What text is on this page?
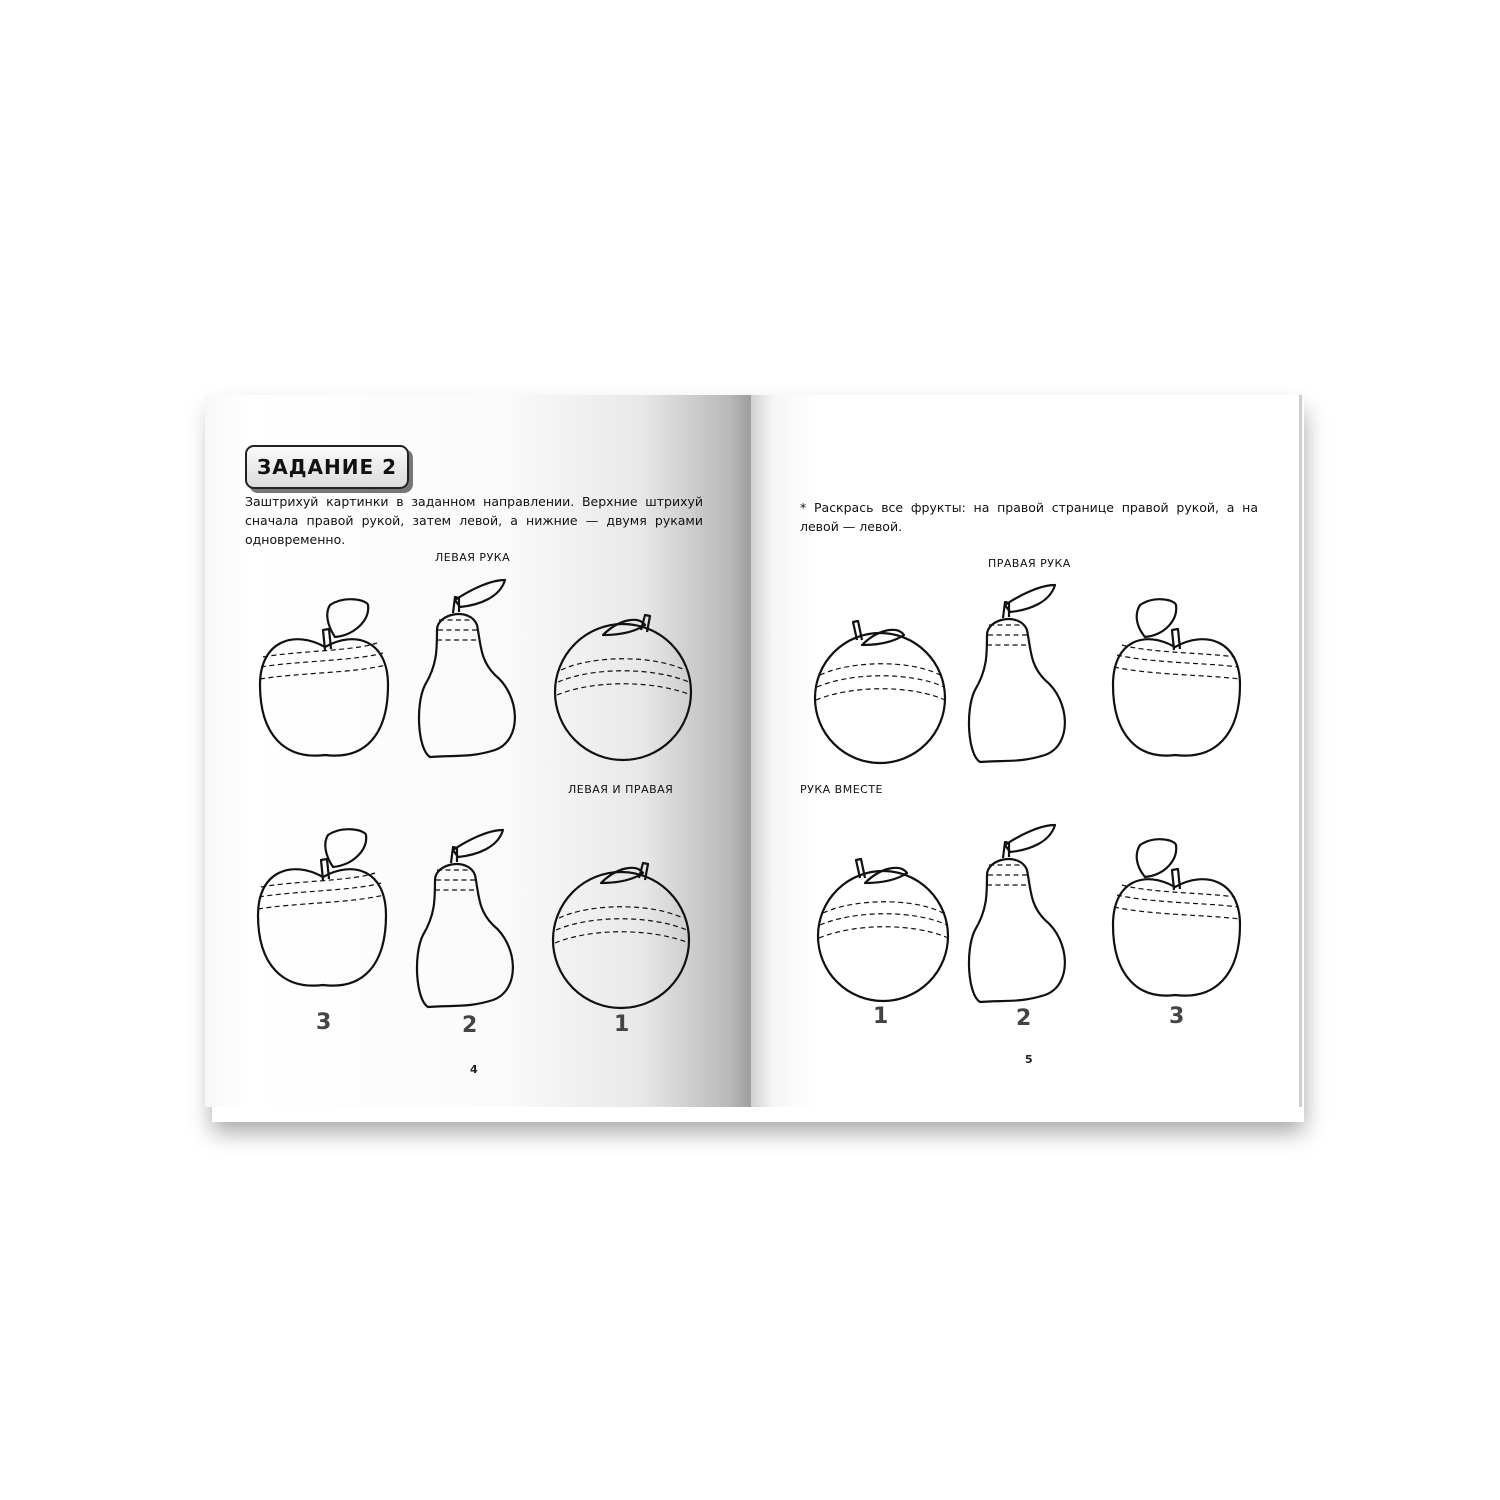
ЗАДАНИЕ 2
Заштрихуй картинки в заданном направлении. Верхние штрихуй сначала правой рукой, затем левой, а нижние — двумя руками одновременно.
ЛЕВАЯ РУКА
ЛЕВАЯ И ПРАВАЯ
3	2	1
4
* Раскрась все фрукты: на правой странице правой рукой, а на левой — левой.
ПРАВАЯ РУКА
РУКА ВМЕСТЕ
1	2	3
5
